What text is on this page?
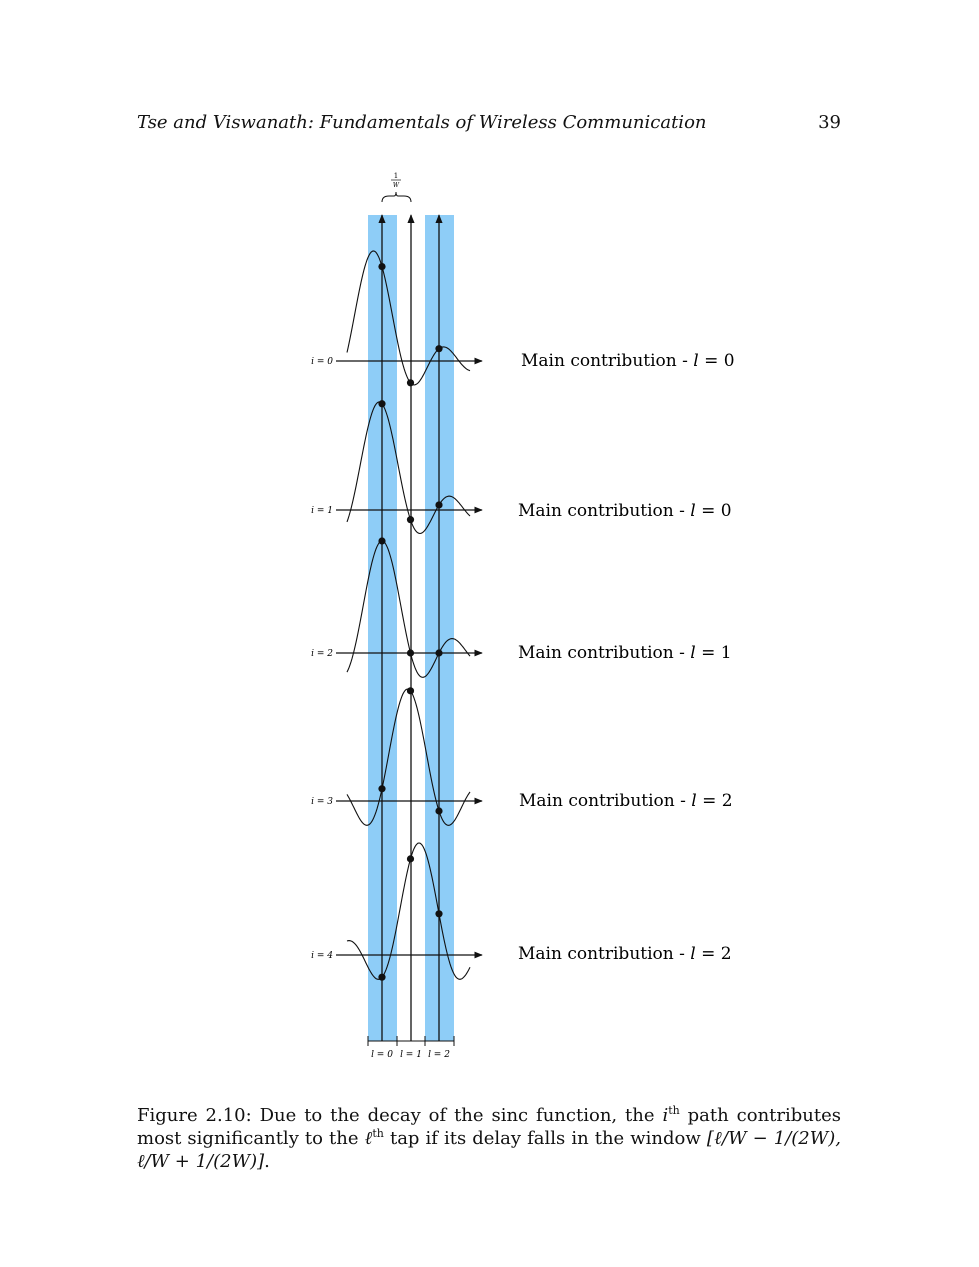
Tse and Viswanath: Fundamentals of Wireless Communication	39
1
W
l = 0 l = 1 l = 2
i = 0	Main contribution - l = 0
i = 1	Main contribution - l = 0
i = 2	Main contribution - l = 1
i = 3	Main contribution - l = 2
i = 4	Main contribution - l = 2
Figure 2.10: Due to the decay of the sinc function, the $i^{th}$ path contributes most significantly to the ℓ$^{th}$ tap if its delay falls in the window [ℓ/W − 1/(2W), ℓ/W + 1/(2W)].
